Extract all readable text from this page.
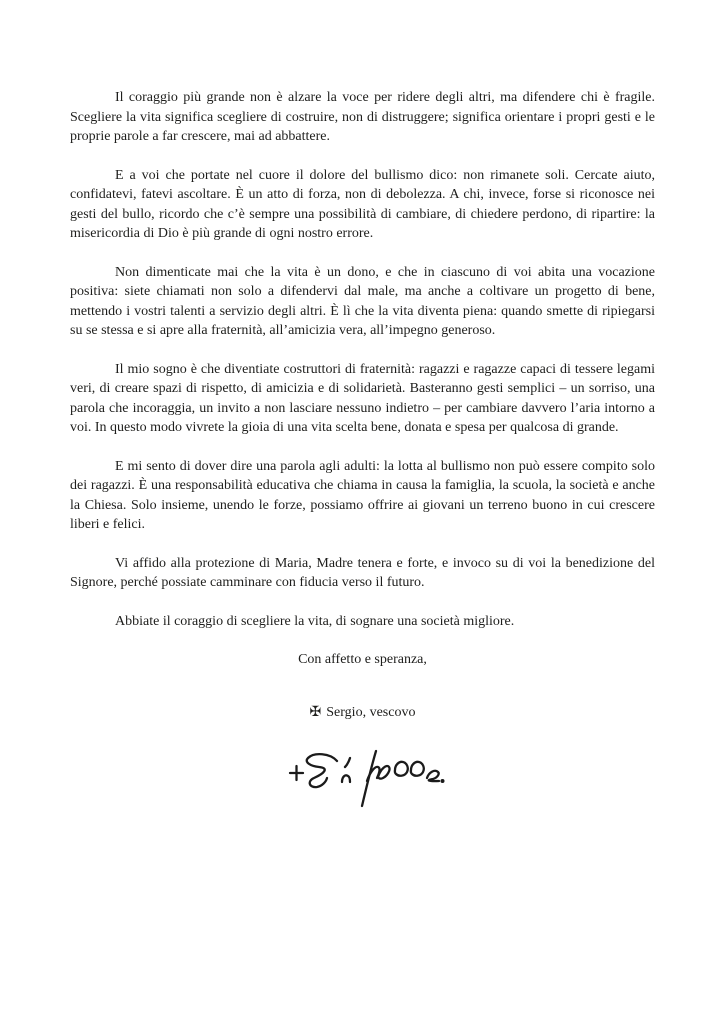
Il coraggio più grande non è alzare la voce per ridere degli altri, ma difendere chi è fragile. Scegliere la vita significa scegliere di costruire, non di distruggere; significa orientare i propri gesti e le proprie parole a far crescere, mai ad abbattere.

E a voi che portate nel cuore il dolore del bullismo dico: non rimanete soli. Cercate aiuto, confidatevi, fatevi ascoltare. È un atto di forza, non di debolezza. A chi, invece, forse si riconosce nei gesti del bullo, ricordo che c’è sempre una possibilità di cambiare, di chiedere perdono, di ripartire: la misericordia di Dio è più grande di ogni nostro errore.

Non dimenticate mai che la vita è un dono, e che in ciascuno di voi abita una vocazione positiva: siete chiamati non solo a difendervi dal male, ma anche a coltivare un progetto di bene, mettendo i vostri talenti a servizio degli altri. È lì che la vita diventa piena: quando smette di ripiegarsi su se stessa e si apre alla fraternità, all’amicizia vera, all’impegno generoso.

Il mio sogno è che diventiate costruttori di fraternità: ragazzi e ragazze capaci di tessere legami veri, di creare spazi di rispetto, di amicizia e di solidarietà. Basteranno gesti semplici – un sorriso, una parola che incoraggia, un invito a non lasciare nessuno indietro – per cambiare davvero l’aria intorno a voi. In questo modo vivrete la gioia di una vita scelta bene, donata e spesa per qualcosa di grande.

E mi sento di dover dire una parola agli adulti: la lotta al bullismo non può essere compito solo dei ragazzi. È una responsabilità educativa che chiama in causa la famiglia, la scuola, la società e anche la Chiesa. Solo insieme, unendo le forze, possiamo offrire ai giovani un terreno buono in cui crescere liberi e felici.

Vi affido alla protezione di Maria, Madre tenera e forte, e invoco su di voi la benedizione del Signore, perché possiate camminare con fiducia verso il futuro.

Abbiate il coraggio di scegliere la vita, di sognare una società migliore.

Con affetto e speranza,

✠ Sergio, vescovo
